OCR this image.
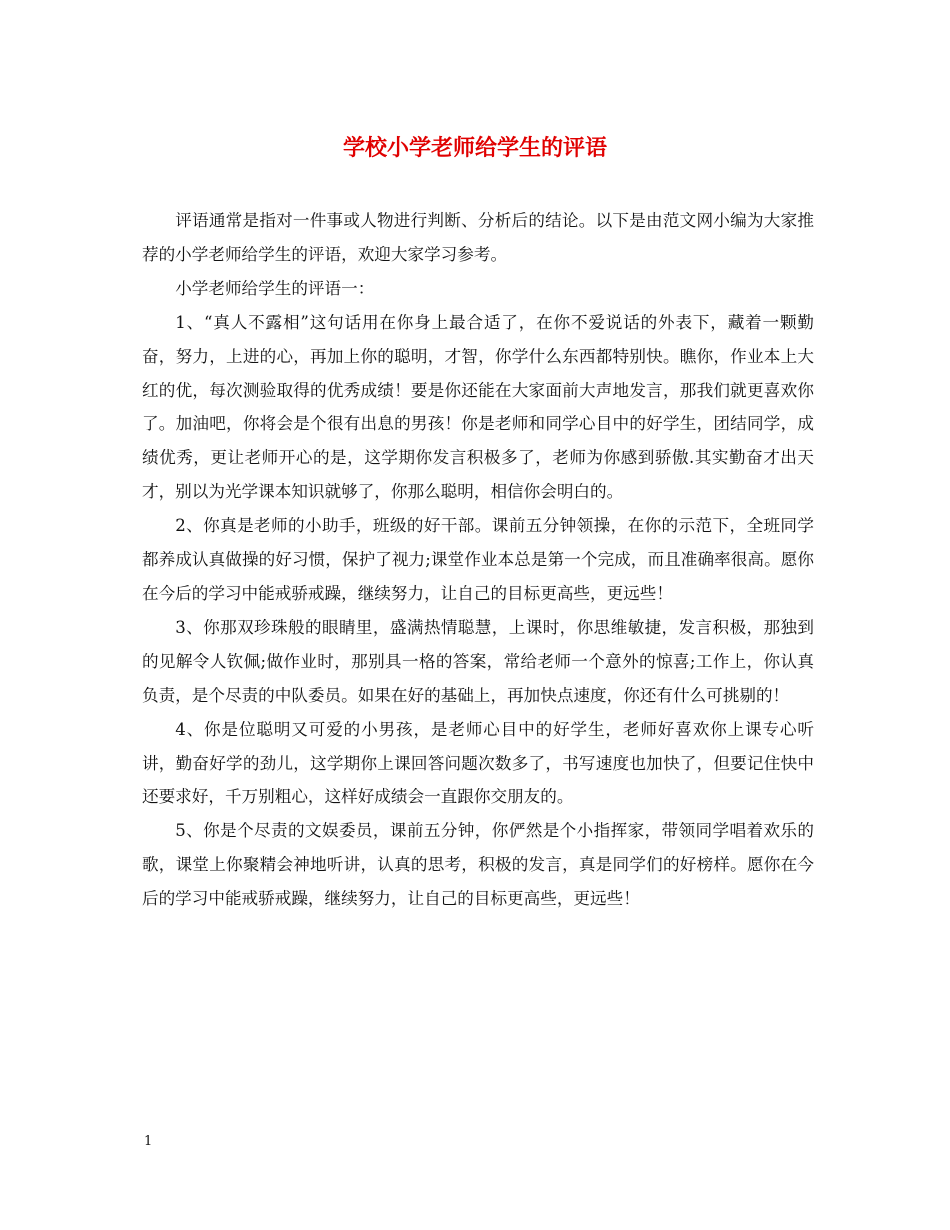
学校小学老师给学生的评语

评语通常是指对一件事或人物进行判断、分析后的结论。以下是由范文网小编为大家推荐的小学老师给学生的评语，欢迎大家学习参考。

小学老师给学生的评语一：

1、“真人不露相”这句话用在你身上最合适了，在你不爱说话的外表下，藏着一颗勤奋，努力，上进的心，再加上你的聪明，才智，你学什么东西都特别快。瞧你，作业本上大红的优，每次测验取得的优秀成绩！要是你还能在大家面前大声地发言，那我们就更喜欢你了。加油吧，你将会是个很有出息的男孩！你是老师和同学心目中的好学生，团结同学，成绩优秀，更让老师开心的是，这学期你发言积极多了，老师为你感到骄傲.其实勤奋才出天才，别以为光学课本知识就够了，你那么聪明，相信你会明白的。

2、你真是老师的小助手，班级的好干部。课前五分钟领操，在你的示范下，全班同学都养成认真做操的好习惯，保护了视力;课堂作业本总是第一个完成，而且准确率很高。愿你在今后的学习中能戒骄戒躁，继续努力，让自己的目标更高些，更远些！

3、你那双珍珠般的眼睛里，盛满热情聪慧，上课时，你思维敏捷，发言积极，那独到的见解令人钦佩;做作业时，那别具一格的答案，常给老师一个意外的惊喜;工作上，你认真负责，是个尽责的中队委员。如果在好的基础上，再加快点速度，你还有什么可挑剔的！

4、你是位聪明又可爱的小男孩，是老师心目中的好学生，老师好喜欢你上课专心听讲，勤奋好学的劲儿，这学期你上课回答问题次数多了，书写速度也加快了，但要记住快中还要求好，千万别粗心，这样好成绩会一直跟你交朋友的。

5、你是个尽责的文娱委员，课前五分钟，你俨然是个小指挥家，带领同学唱着欢乐的歌，课堂上你聚精会神地听讲，认真的思考，积极的发言，真是同学们的好榜样。愿你在今后的学习中能戒骄戒躁，继续努力，让自己的目标更高些，更远些！

1
